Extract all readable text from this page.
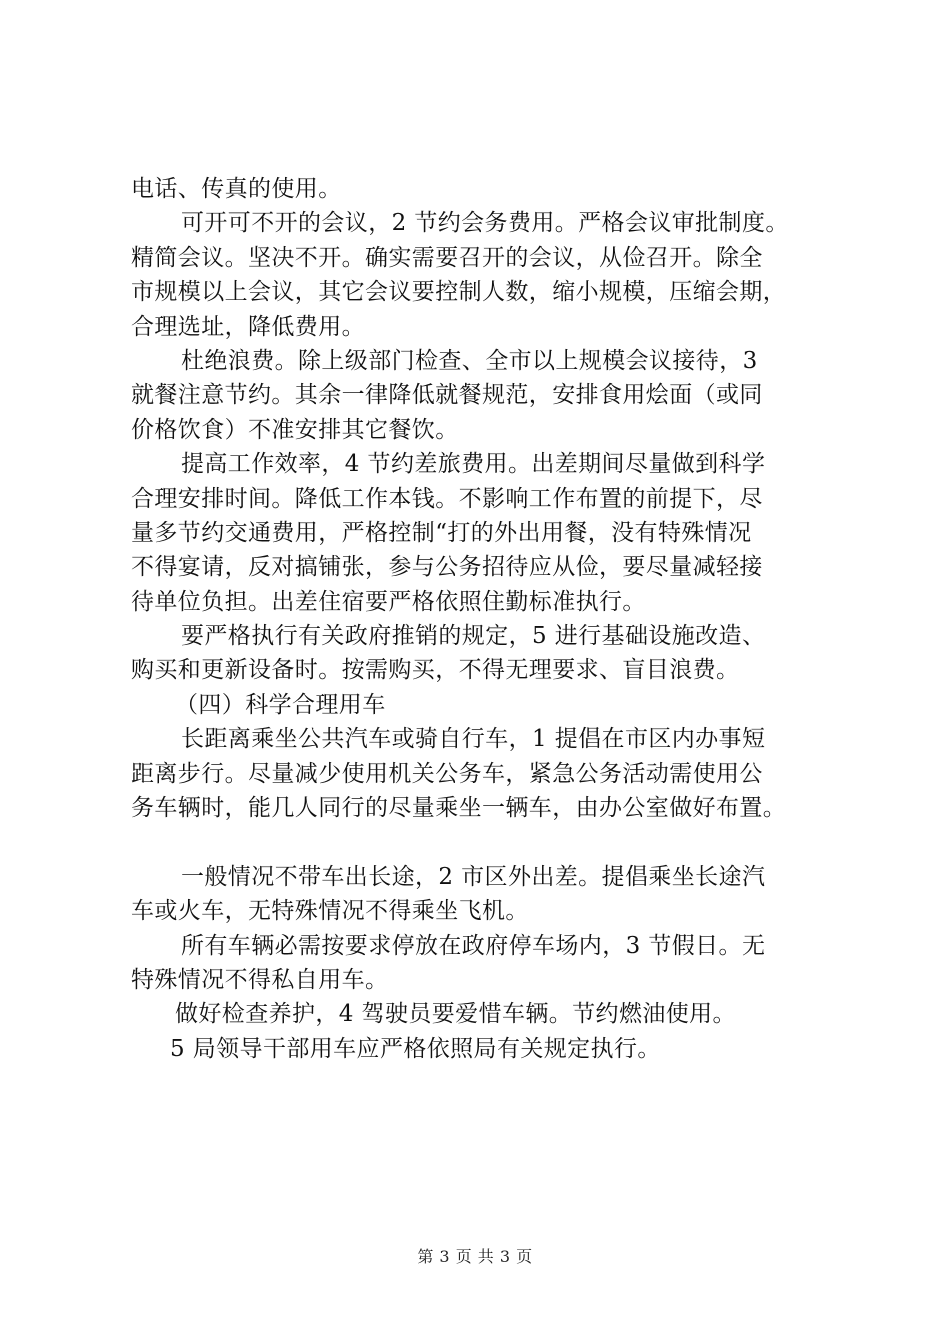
电话、传真的使用。
可开可不开的会议，2 节约会务费用。严格会议审批制度。
精简会议。坚决不开。确实需要召开的会议，从俭召开。除全
市规模以上会议，其它会议要控制人数，缩小规模，压缩会期，
合理选址，降低费用。
杜绝浪费。除上级部门检查、全市以上规模会议接待，3
就餐注意节约。其余一律降低就餐规范，安排食用烩面（或同
价格饮食）不准安排其它餐饮。
提高工作效率，4 节约差旅费用。出差期间尽量做到科学
合理安排时间。降低工作本钱。不影响工作布置的前提下，尽
量多节约交通费用，严格控制“打的外出用餐，没有特殊情况
不得宴请，反对搞铺张，参与公务招待应从俭，要尽量减轻接
待单位负担。出差住宿要严格依照住勤标准执行。
要严格执行有关政府推销的规定，5 进行基础设施改造、
购买和更新设备时。按需购买，不得无理要求、盲目浪费。
（四）科学合理用车
长距离乘坐公共汽车或骑自行车，1 提倡在市区内办事短
距离步行。尽量减少使用机关公务车，紧急公务活动需使用公
务车辆时，能几人同行的尽量乘坐一辆车，由办公室做好布置。
一般情况不带车出长途，2 市区外出差。提倡乘坐长途汽
车或火车，无特殊情况不得乘坐飞机。
所有车辆必需按要求停放在政府停车场内，3 节假日。无
特殊情况不得私自用车。
做好检查养护，4 驾驶员要爱惜车辆。节约燃油使用。
5 局领导干部用车应严格依照局有关规定执行。
第 3 页 共 3 页
